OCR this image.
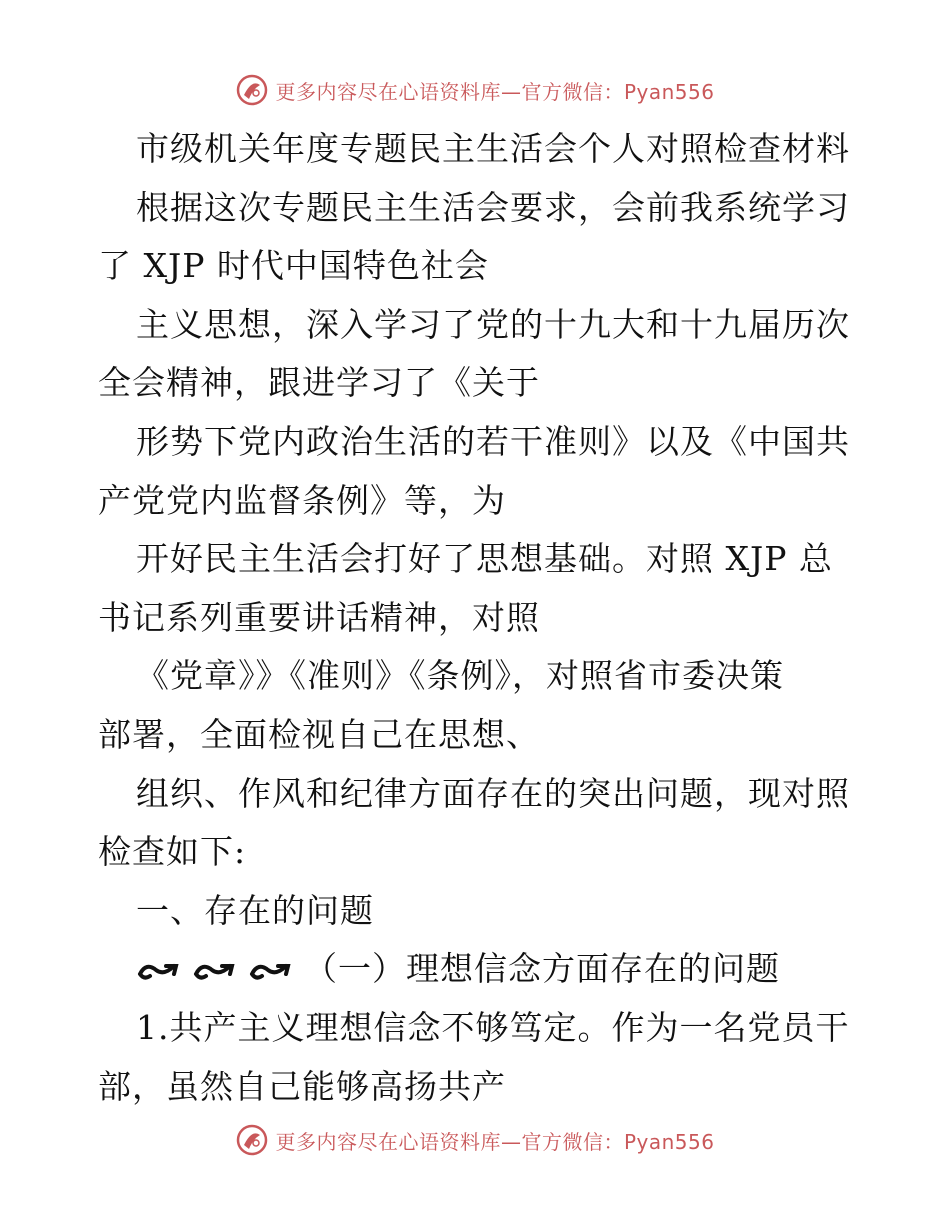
更多内容尽在心语资料库—官方微信：Pyan556
市级机关年度专题民主生活会个人对照检查材料
根据这次专题民主生活会要求，会前我系统学习
了 XJP 时代中国特色社会
主义思想，深入学习了党的十九大和十九届历次
全会精神，跟进学习了《关于
形势下党内政治生活的若干准则》以及《中国共
产党党内监督条例》等，为
开好民主生活会打好了思想基础。对照 XJP 总
书记系列重要讲话精神，对照
《党章》》《准则》《条例》，对照省市委决策
部署，全面检视自己在思想、
组织、作风和纪律方面存在的突出问题，现对照
检查如下:
一、存在的问题
（一）理想信念方面存在的问题
1.共产主义理想信念不够笃定。作为一名党员干
部，虽然自己能够高扬共产
更多内容尽在心语资料库—官方微信：Pyan556
